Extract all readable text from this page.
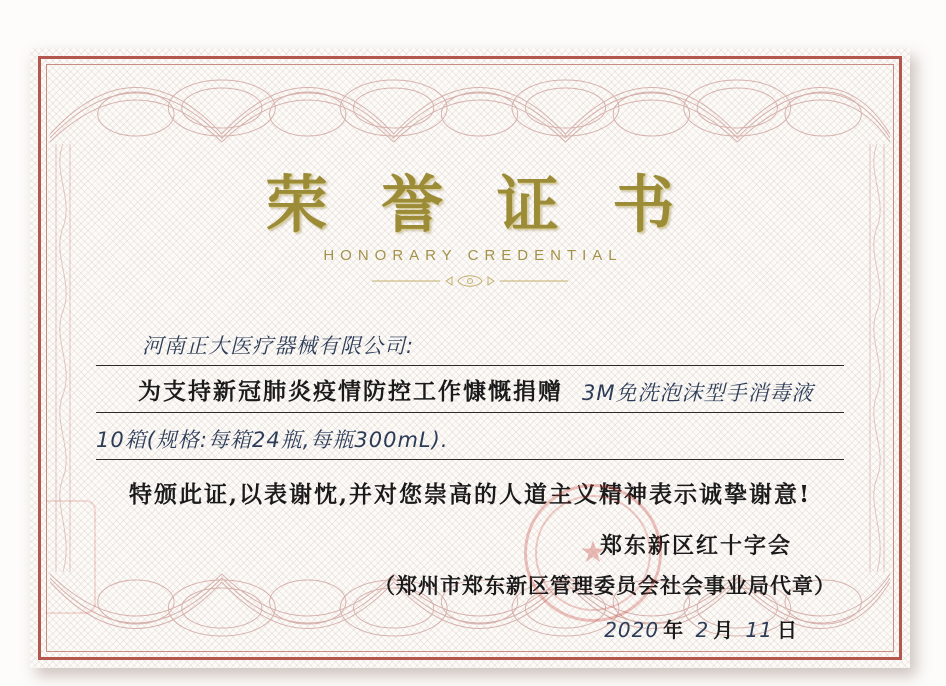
荣 誉 证 书
HONORARY CREDENTIAL
河南正大医疗器械有限公司:
为支持新冠肺炎疫情防控工作慷慨捐赠 3M免洗泡沫型手消毒液
10箱(规格:每箱24瓶,每瓶300mL).
特颁此证,以表谢忱,并对您崇高的人道主义精神表示诚挚谢意!
郑东新区红十字会
（郑州市郑东新区管理委员会社会事业局代章）
2020 年 2 月 11 日
★
